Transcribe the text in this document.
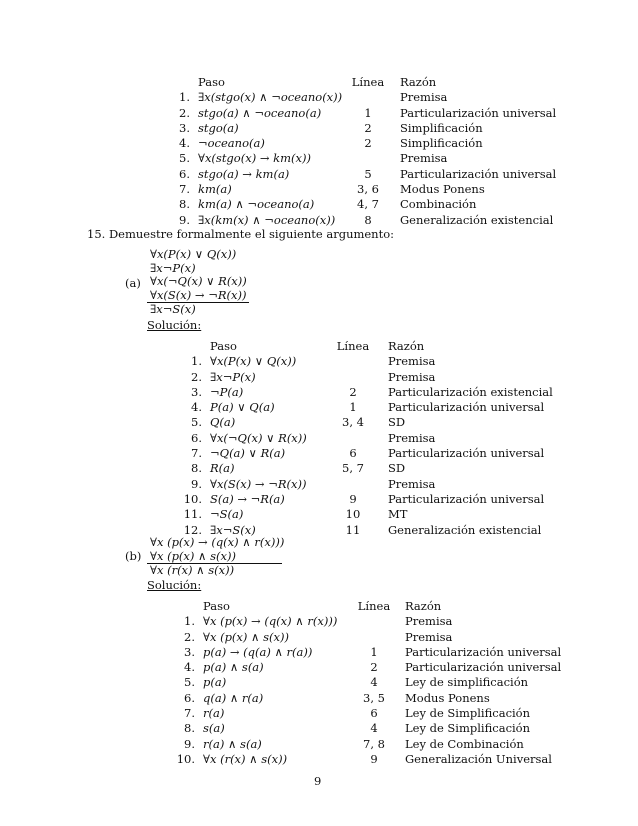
	Paso	Línea	Razón
1.	∃x(stgo(x) ∧ ¬oceano(x))		Premisa
2.	stgo(a) ∧ ¬oceano(a)	1	Particularización universal
3.	stgo(a)	2	Simplificación
4.	¬oceano(a)	2	Simplificación
5.	∀x(stgo(x) → km(x))		Premisa
6.	stgo(a) → km(a)	5	Particularización universal
7.	km(a)	3, 6	Modus Ponens
8.	km(a) ∧ ¬oceano(a)	4, 7	Combinación
9.	∃x(km(x) ∧ ¬oceano(x))	8	Generalización existencial
15. Demuestre formalmente el siguiente argumento:
(a)
∀x(P(x) ∨ Q(x))
∃x¬P(x)
∀x(¬Q(x) ∨ R(x))
∀x(S(x) → ¬R(x))
∃x¬S(x)
Solución:
	Paso	Línea	Razón
1.	∀x(P(x) ∨ Q(x))		Premisa
2.	∃x¬P(x)		Premisa
3.	¬P(a)	2	Particularización existencial
4.	P(a) ∨ Q(a)	1	Particularización universal
5.	Q(a)	3, 4	SD
6.	∀x(¬Q(x) ∨ R(x))		Premisa
7.	¬Q(a) ∨ R(a)	6	Particularización universal
8.	R(a)	5, 7	SD
9.	∀x(S(x) → ¬R(x))		Premisa
10.	S(a) → ¬R(a)	9	Particularización universal
11.	¬S(a)	10	MT
12.	∃x¬S(x)	11	Generalización existencial
(b)
∀x (p(x) → (q(x) ∧ r(x)))
∀x (p(x) ∧ s(x))
∀x (r(x) ∧ s(x))
Solución:
	Paso	Línea	Razón
1.	∀x (p(x) → (q(x) ∧ r(x)))		Premisa
2.	∀x (p(x) ∧ s(x))		Premisa
3.	p(a) → (q(a) ∧ r(a))	1	Particularización universal
4.	p(a) ∧ s(a)	2	Particularización universal
5.	p(a)	4	Ley de simplificación
6.	q(a) ∧ r(a)	3, 5	Modus Ponens
7.	r(a)	6	Ley de Simplificación
8.	s(a)	4	Ley de Simplificación
9.	r(a) ∧ s(a)	7, 8	Ley de Combinación
10.	∀x (r(x) ∧ s(x))	9	Generalización Universal
9
